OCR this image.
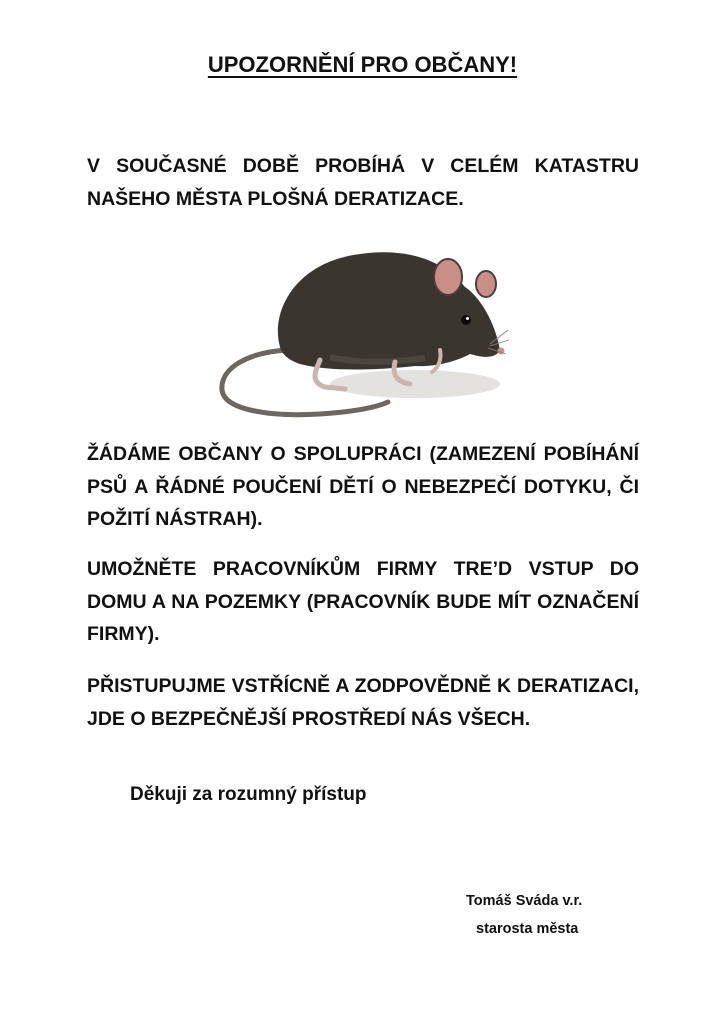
UPOZORNĚNÍ PRO OBČANY!

V SOUČASNÉ DOBĚ PROBÍHÁ V CELÉM KATASTRU NAŠEHO MĚSTA PLOŠNÁ DERATIZACE.

ŽÁDÁME OBČANY O SPOLUPRÁCI (ZAMEZENÍ POBÍHÁNÍ PSŮ A ŘÁDNÉ POUČENÍ DĚTÍ O NEBEZPEČÍ DOTYKU, ČI POŽITÍ NÁSTRAH).

UMOŽNĚTE PRACOVNÍKŮM FIRMY TRE’D VSTUP DO DOMU A NA POZEMKY (PRACOVNÍK BUDE MÍT OZNAČENÍ FIRMY).

PŘISTUPUJME VSTŘÍCNĚ A ZODPOVĚDNĚ K DERATIZACI, JDE O BEZPEČNĚJŠÍ PROSTŘEDÍ NÁS VŠECH.

Děkuji za rozumný přístup
Tomáš Sváda v.r.
starosta města
